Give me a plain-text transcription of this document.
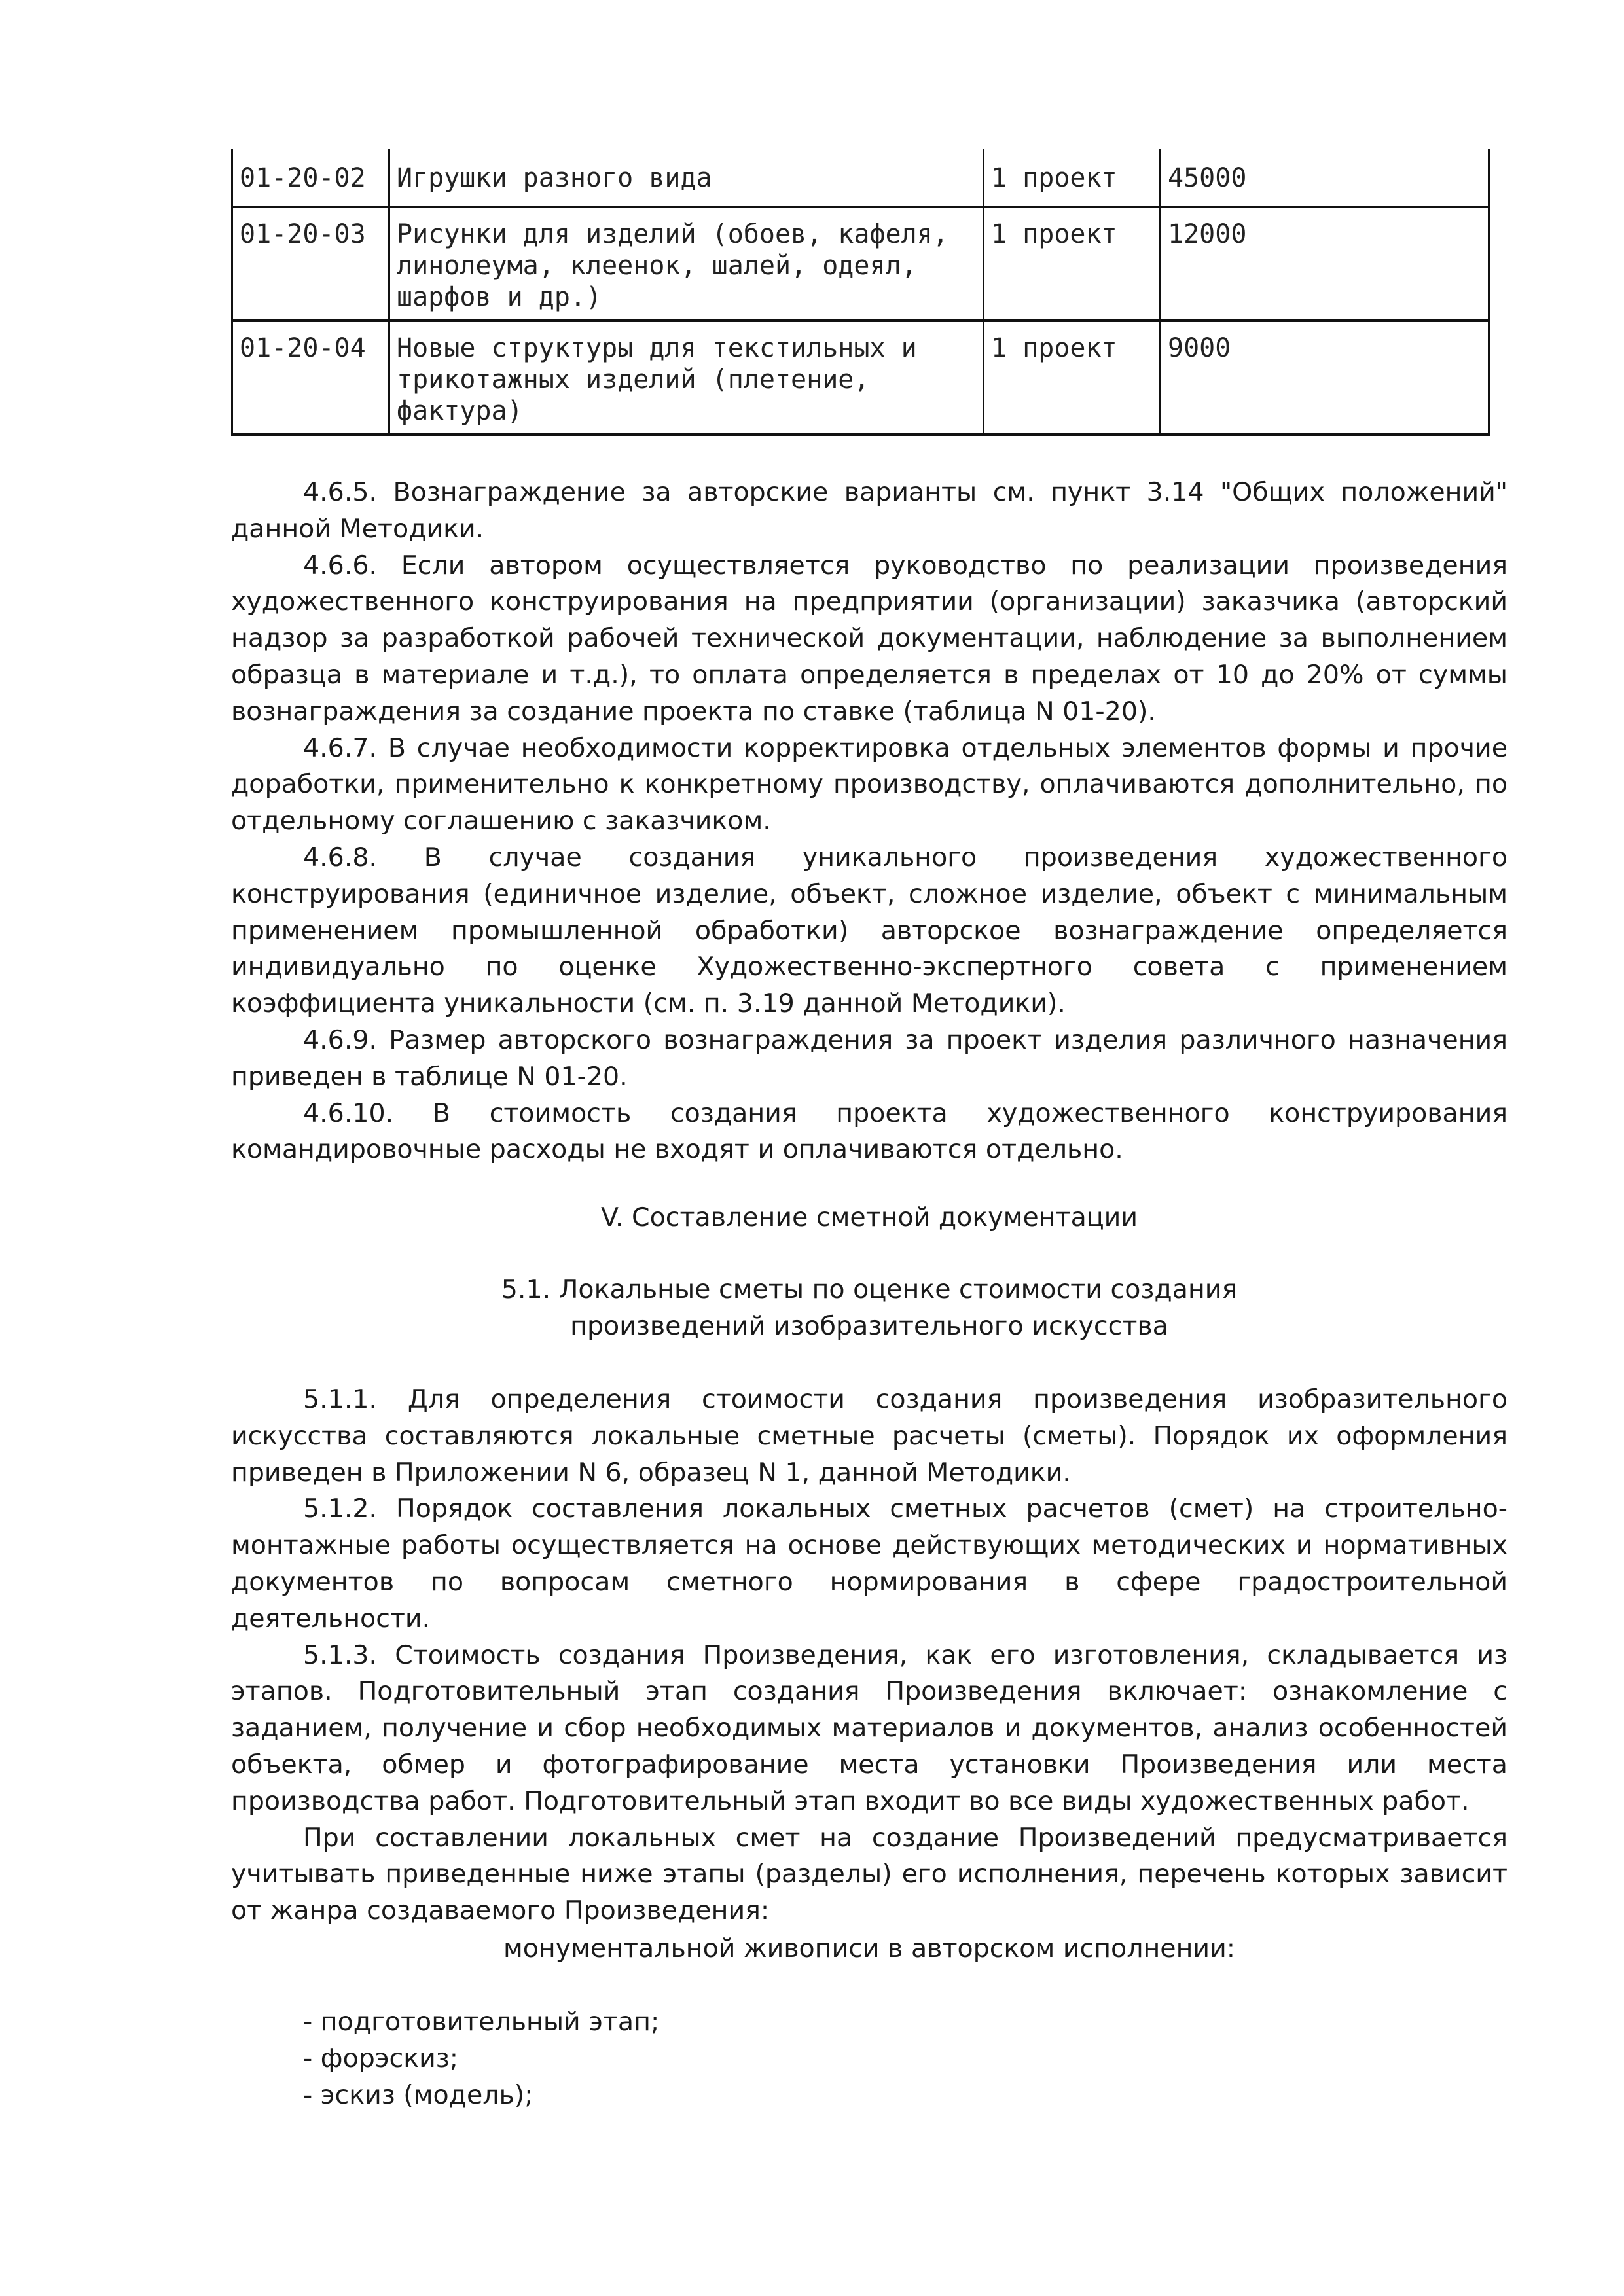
01-20-02	Игрушки разного вида	1 проект	45000
01-20-03	Рисунки для изделий (обоев, кафеля, линолеума, клеенок, шалей, одеял, шарфов и др.)	1 проект	12000
01-20-04	Новые структуры для текстильных и трикотажных изделий (плетение, фактура)	1 проект	9000

4.6.5. Вознаграждение за авторские варианты см. пункт 3.14 "Общих положений" данной Методики.

4.6.6. Если автором осуществляется руководство по реализации произведения художественного конструирования на предприятии (организации) заказчика (авторский надзор за разработкой рабочей технической документации, наблюдение за выполнением образца в материале и т.д.), то оплата определяется в пределах от 10 до 20% от суммы вознаграждения за создание проекта по ставке (таблица N 01-20).

4.6.7. В случае необходимости корректировка отдельных элементов формы и прочие доработки, применительно к конкретному производству, оплачиваются дополнительно, по отдельному соглашению с заказчиком.

4.6.8. В случае создания уникального произведения художественного конструирования (единичное изделие, объект, сложное изделие, объект с минимальным применением промышленной обработки) авторское вознаграждение определяется индивидуально по оценке Художественно-экспертного совета с применением коэффициента уникальности (см. п. 3.19 данной Методики).

4.6.9. Размер авторского вознаграждения за проект изделия различного назначения приведен в таблице N 01-20.

4.6.10. В стоимость создания проекта художественного конструирования командировочные расходы не входят и оплачиваются отдельно.

V. Составление сметной документации
5.1. Локальные сметы по оценке стоимости создания
произведений изобразительного искусства

5.1.1. Для определения стоимости создания произведения изобразительного искусства составляются локальные сметные расчеты (сметы). Порядок их оформления приведен в Приложении N 6, образец N 1, данной Методики.

5.1.2. Порядок составления локальных сметных расчетов (смет) на строительно-монтажные работы осуществляется на основе действующих методических и нормативных документов по вопросам сметного нормирования в сфере градостроительной деятельности.

5.1.3. Стоимость создания Произведения, как его изготовления, складывается из этапов. Подготовительный этап создания Произведения включает: ознакомление с заданием, получение и сбор необходимых материалов и документов, анализ особенностей объекта, обмер и фотографирование места установки Произведения или места производства работ. Подготовительный этап входит во все виды художественных работ.

При составлении локальных смет на создание Произведений предусматривается учитывать приведенные ниже этапы (разделы) его исполнения, перечень которых зависит от жанра создаваемого Произведения:

монументальной живописи в авторском исполнении:
- подготовительный этап;
- форэскиз;
- эскиз (модель);
